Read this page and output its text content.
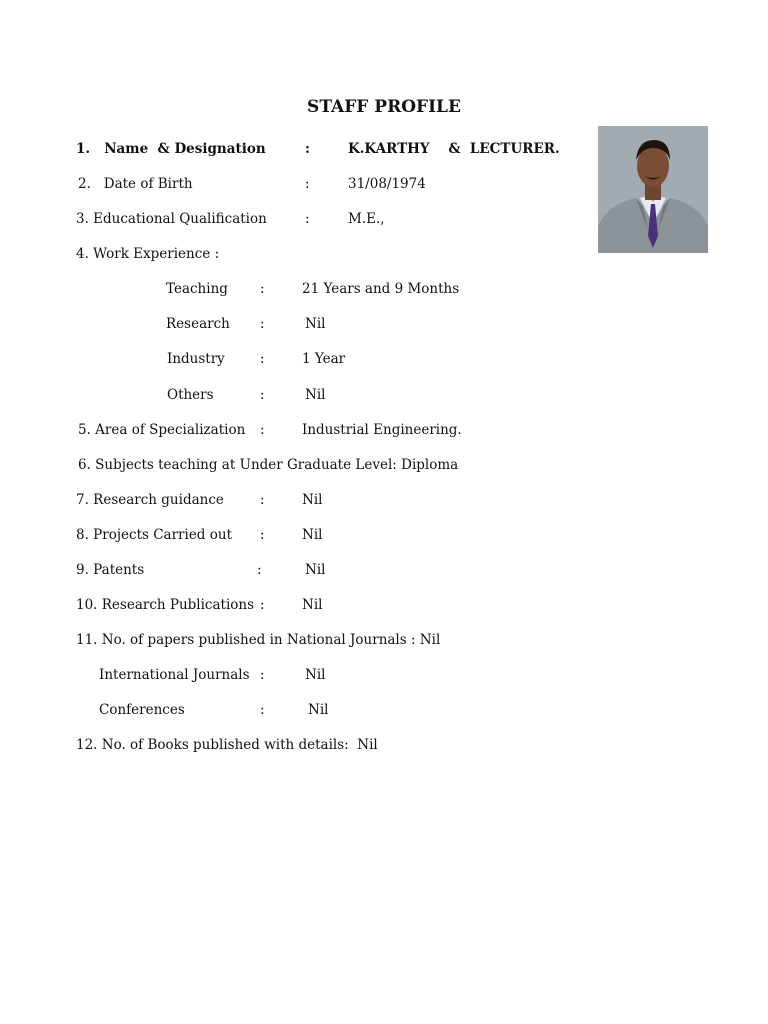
STAFF PROFILE
1.   Name  & Designation	:	K.KARTHY    &  LECTURER.
2.   Date of Birth	:	31/08/1974
3. Educational Qualification	:	M.E.,
4. Work Experience :
Teaching :	21 Years and 9 Months
Research :	Nil
Industry	:	1 Year
Others	:	Nil
5. Area of Specialization :	Industrial Engineering.
6. Subjects teaching at Under Graduate Level: Diploma
7. Research guidance	:	Nil
8. Projects Carried out :	Nil
9. Patents	:	Nil
10. Research Publications :	Nil
11. No. of papers published in National Journals : Nil
International Journals :	Nil
Conferences	:	Nil
12. No. of Books published with details:  Nil
